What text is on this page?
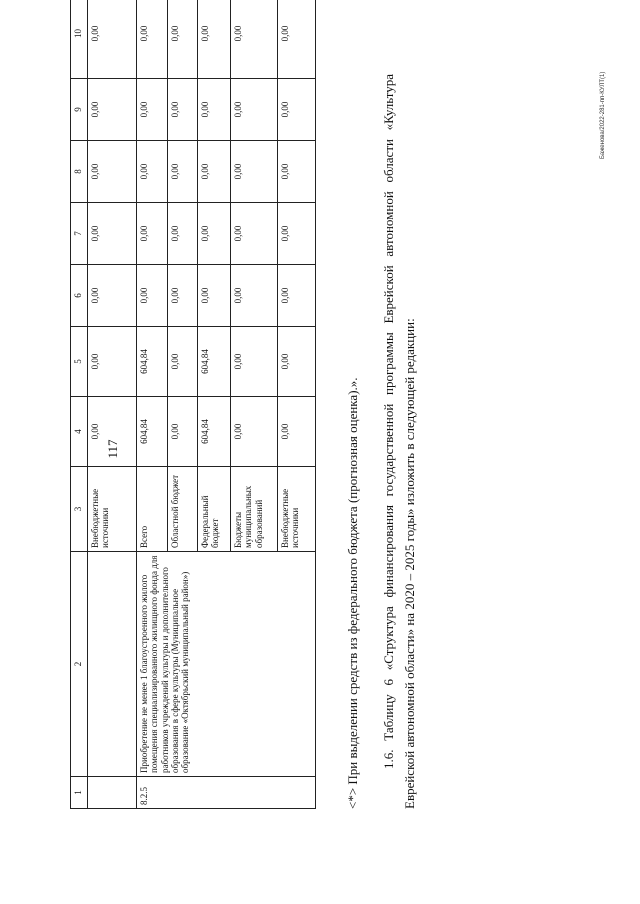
117
1	2	3	4	5	6	7	8	9	10
		Внебюджетные источники	0,00	0,00	0,00	0,00	0,00	0,00	0,00
8.2.5	Приобретение не менее 1 благоустроенного жилого помещения специализированного жилищного фонда для работников учреждений культуры и дополнительного образования в сфере культуры (Муниципальное образование «Октябрьский муниципальный район»)	Всего	604,84	604,84	0,00	0,00	0,00	0,00	0,00
		Областной бюджет	0,00	0,00	0,00	0,00	0,00	0,00	0,00
		Федеральный бюджет	604,84	604,84	0,00	0,00	0,00	0,00	0,00
		Бюджеты муниципальных образований	0,00	0,00	0,00	0,00	0,00	0,00	0,00
		Внебюджетные источники	0,00	0,00	0,00	0,00	0,00	0,00	0,00
<*> При выделении средств из федерального бюджета (прогнозная оценка).». 1.6. Таблицу 6 «Структура финансирования государственной программы Еврейской автономной области «Культура Еврейской автономной области» на 2020 – 2025 годы» изложить в следующей редакции:
Баженова/2022-281-пп-КУЛТ(1)
